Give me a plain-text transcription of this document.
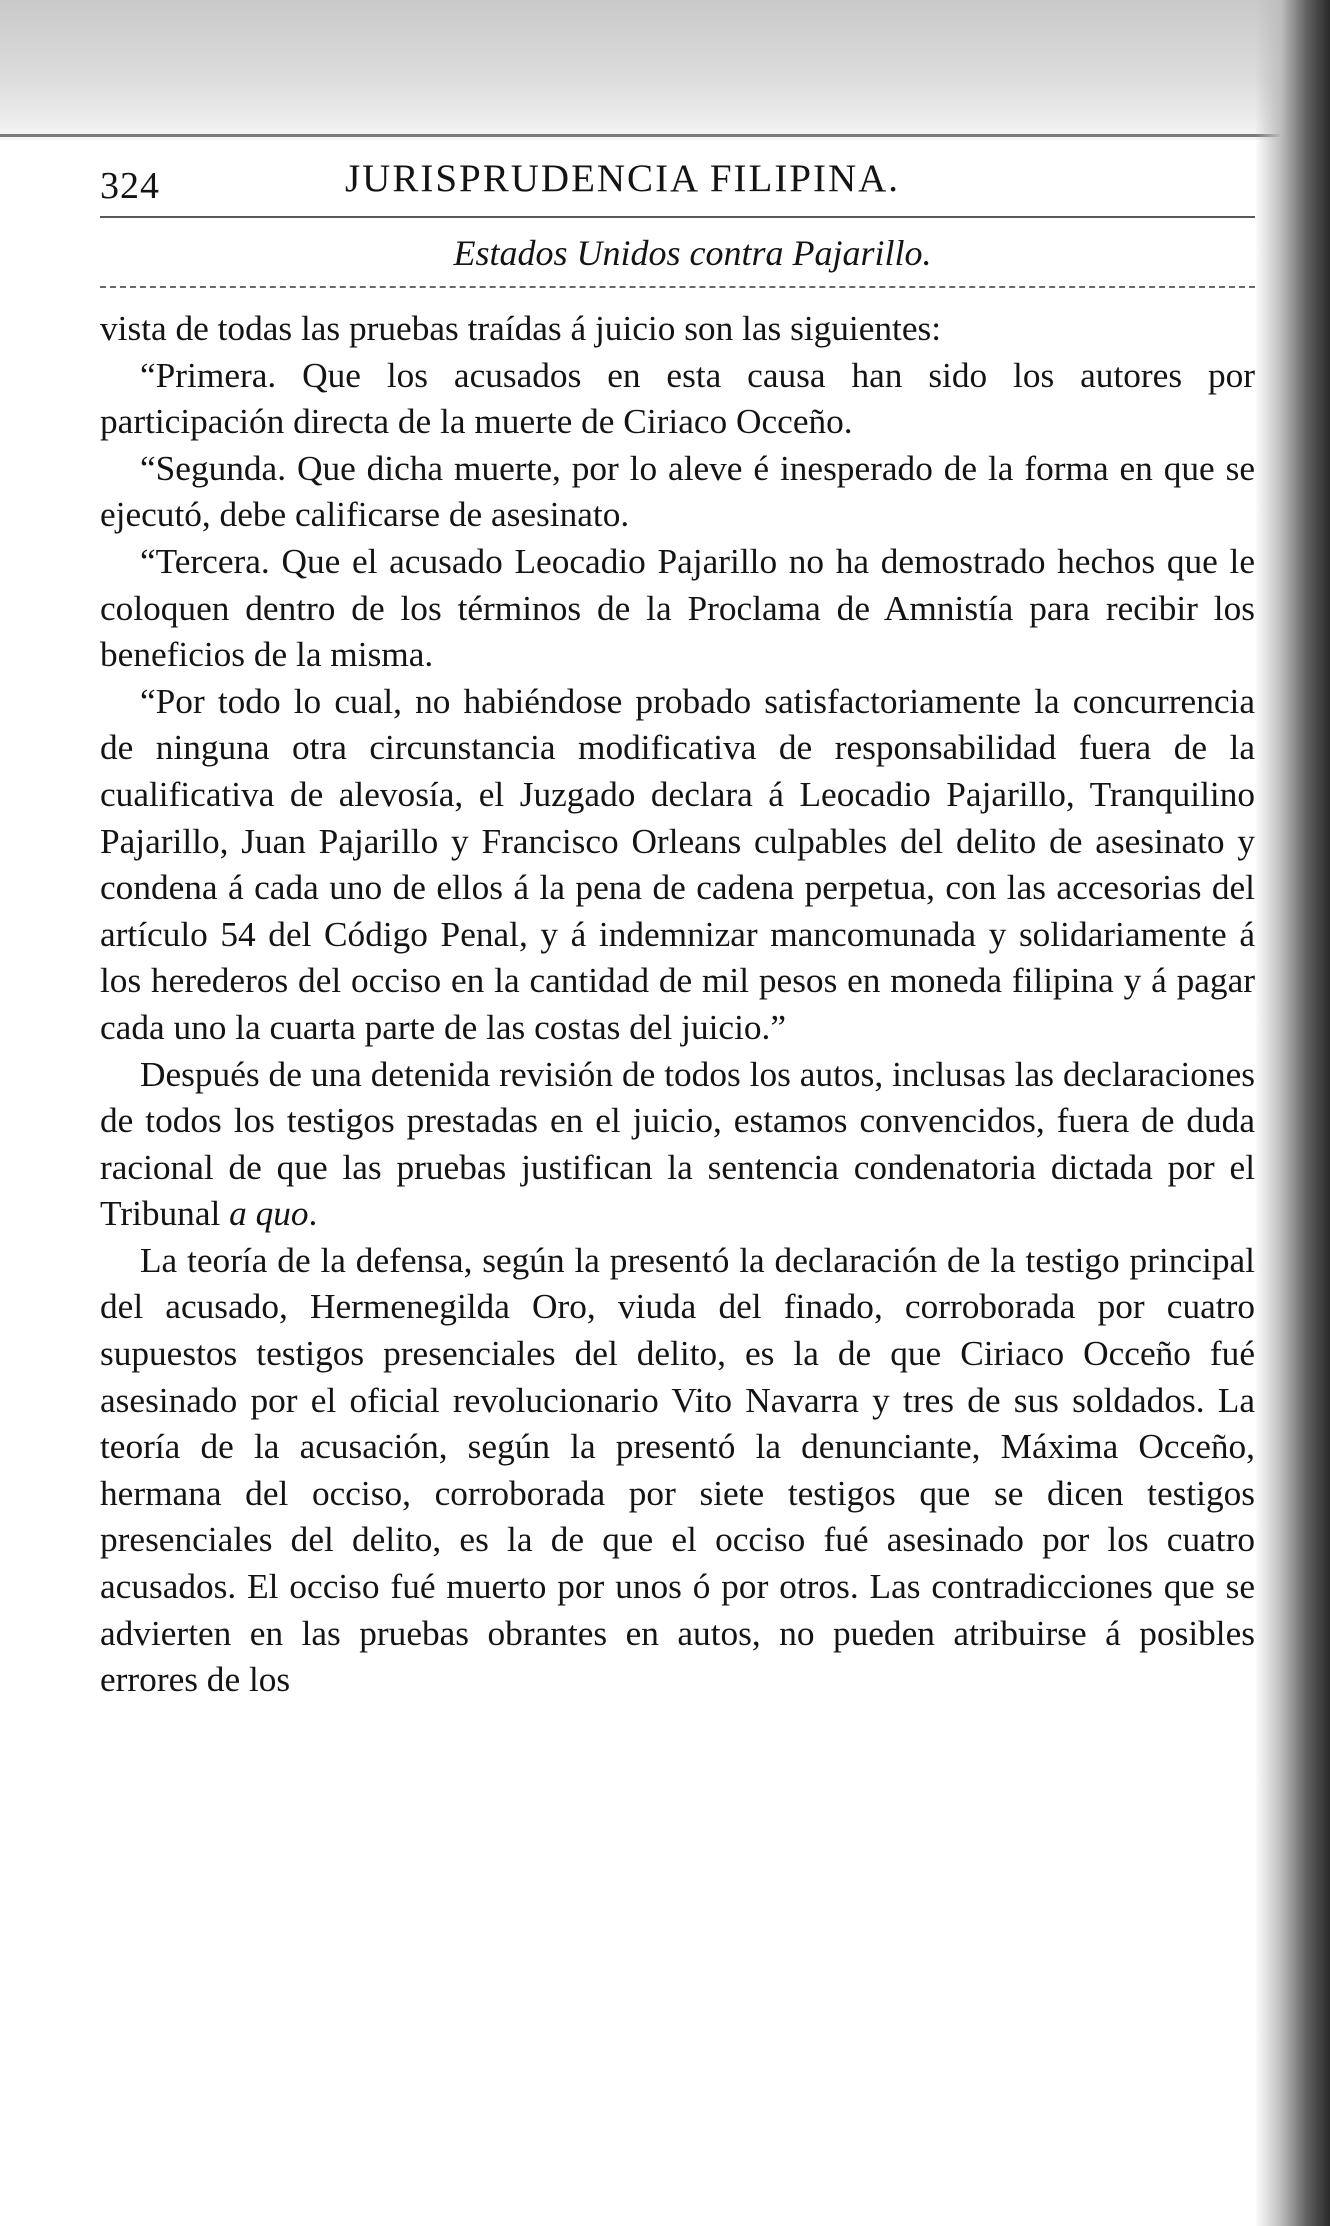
324	JURISPRUDENCIA FILIPINA.
Estados Unidos contra Pajarillo.

vista de todas las pruebas traídas á juicio son las siguientes:

“Primera. Que los acusados en esta causa han sido los autores por participación directa de la muerte de Ciriaco Occeño.

“Segunda. Que dicha muerte, por lo aleve é inesperado de la forma en que se ejecutó, debe calificarse de asesinato.

“Tercera. Que el acusado Leocadio Pajarillo no ha demostrado hechos que le coloquen dentro de los términos de la Proclama de Amnistía para recibir los beneficios de la misma.

“Por todo lo cual, no habiéndose probado satisfactoriamente la concurrencia de ninguna otra circunstancia modificativa de responsabilidad fuera de la cualificativa de alevosía, el Juzgado declara á Leocadio Pajarillo, Tranquilino Pajarillo, Juan Pajarillo y Francisco Orleans culpables del delito de asesinato y condena á cada uno de ellos á la pena de cadena perpetua, con las accesorias del artículo 54 del Código Penal, y á indemnizar mancomunada y solidariamente á los herederos del occiso en la cantidad de mil pesos en moneda filipina y á pagar cada uno la cuarta parte de las costas del juicio.”

Después de una detenida revisión de todos los autos, inclusas las declaraciones de todos los testigos prestadas en el juicio, estamos convencidos, fuera de duda racional de que las pruebas justifican la sentencia condenatoria dictada por el Tribunal a quo.

La teoría de la defensa, según la presentó la declaración de la testigo principal del acusado, Hermenegilda Oro, viuda del finado, corroborada por cuatro supuestos testigos presenciales del delito, es la de que Ciriaco Occeño fué asesinado por el oficial revolucionario Vito Navarra y tres de sus soldados. La teoría de la acusación, según la presentó la denunciante, Máxima Occeño, hermana del occiso, corroborada por siete testigos que se dicen testigos presenciales del delito, es la de que el occiso fué asesinado por los cuatro acusados. El occiso fué muerto por unos ó por otros. Las contradicciones que se advierten en las pruebas obrantes en autos, no pueden atribuirse á posibles errores de los
